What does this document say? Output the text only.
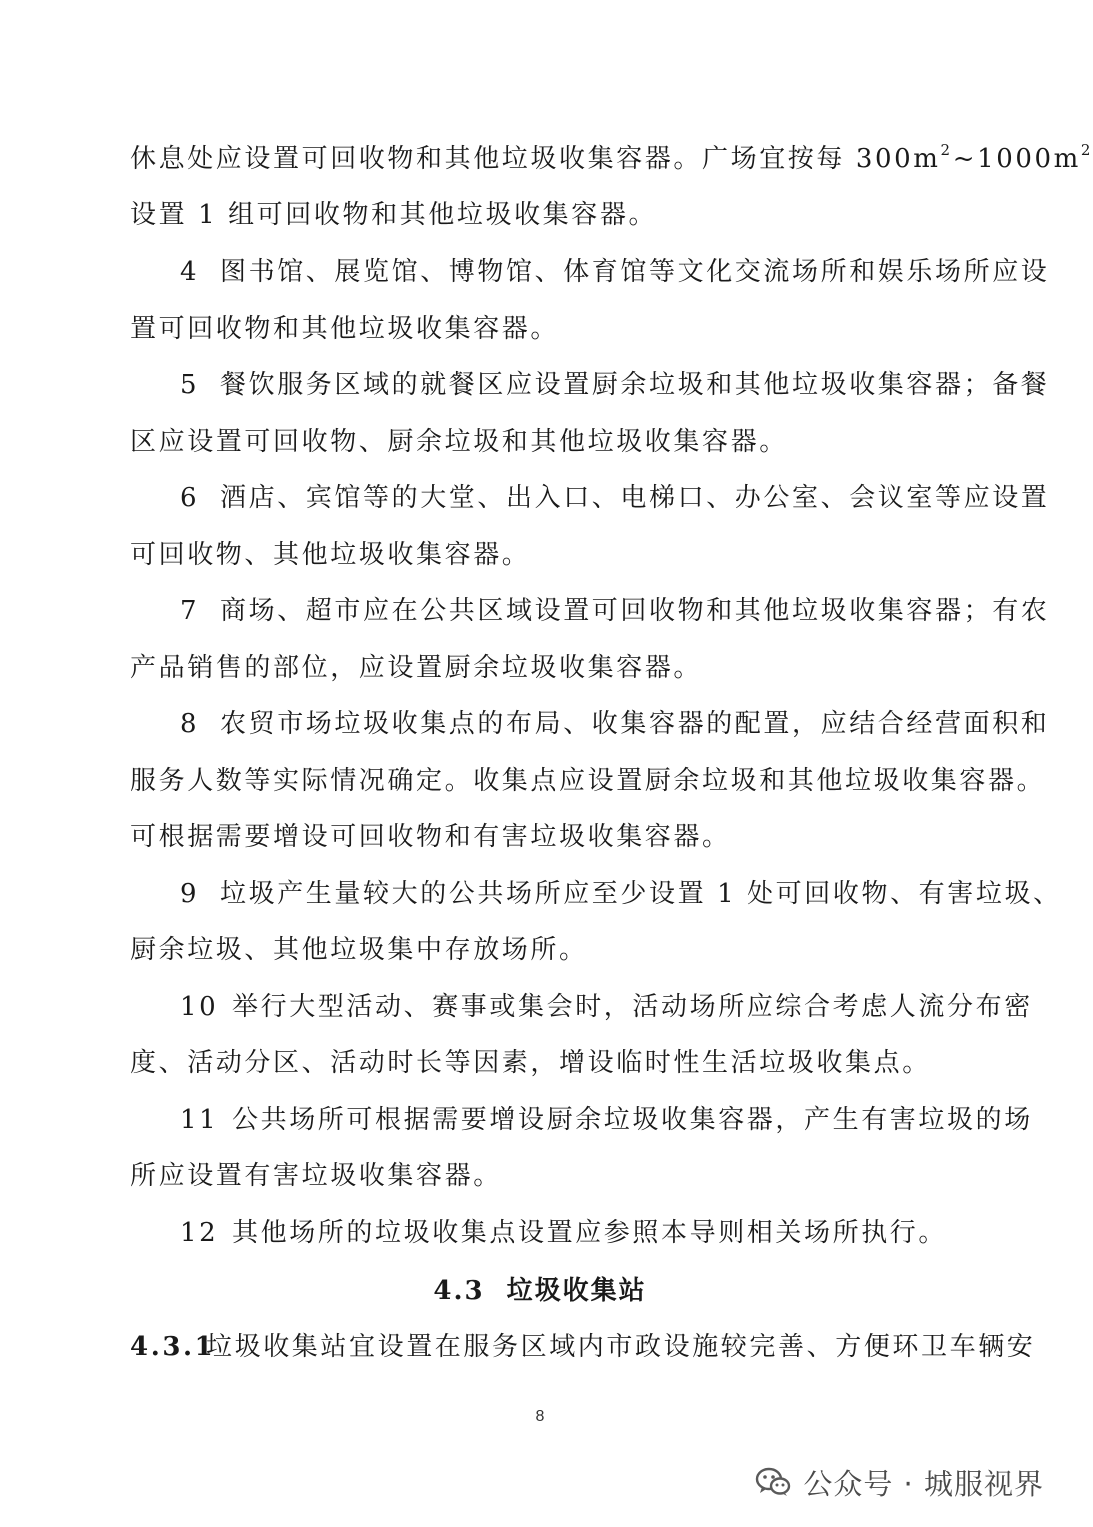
休息处应设置可回收物和其他垃圾收集容器。广场宜按每 $300m^2\sim 1000m^2$
设置 1 组可回收物和其他垃圾收集容器。
4 图书馆、展览馆、博物馆、体育馆等文化交流场所和娱乐场所应设
置可回收物和其他垃圾收集容器。
5 餐饮服务区域的就餐区应设置厨余垃圾和其他垃圾收集容器；备餐
区应设置可回收物、厨余垃圾和其他垃圾收集容器。
6 酒店、宾馆等的大堂、出入口、电梯口、办公室、会议室等应设置
可回收物、其他垃圾收集容器。
7 商场、超市应在公共区域设置可回收物和其他垃圾收集容器；有农
产品销售的部位，应设置厨余垃圾收集容器。
8 农贸市场垃圾收集点的布局、收集容器的配置，应结合经营面积和
服务人数等实际情况确定。收集点应设置厨余垃圾和其他垃圾收集容器。
可根据需要增设可回收物和有害垃圾收集容器。
9 垃圾产生量较大的公共场所应至少设置 1 处可回收物、有害垃圾、
厨余垃圾、其他垃圾集中存放场所。
10 举行大型活动、赛事或集会时，活动场所应综合考虑人流分布密
度、活动分区、活动时长等因素，增设临时性生活垃圾收集点。
11 公共场所可根据需要增设厨余垃圾收集容器，产生有害垃圾的场
所应设置有害垃圾收集容器。
12 其他场所的垃圾收集点设置应参照本导则相关场所执行。
4.3 垃圾收集站
4.3.1垃圾收集站宜设置在服务区域内市政设施较完善、方便环卫车辆安
8
公众号 · 城服视界
